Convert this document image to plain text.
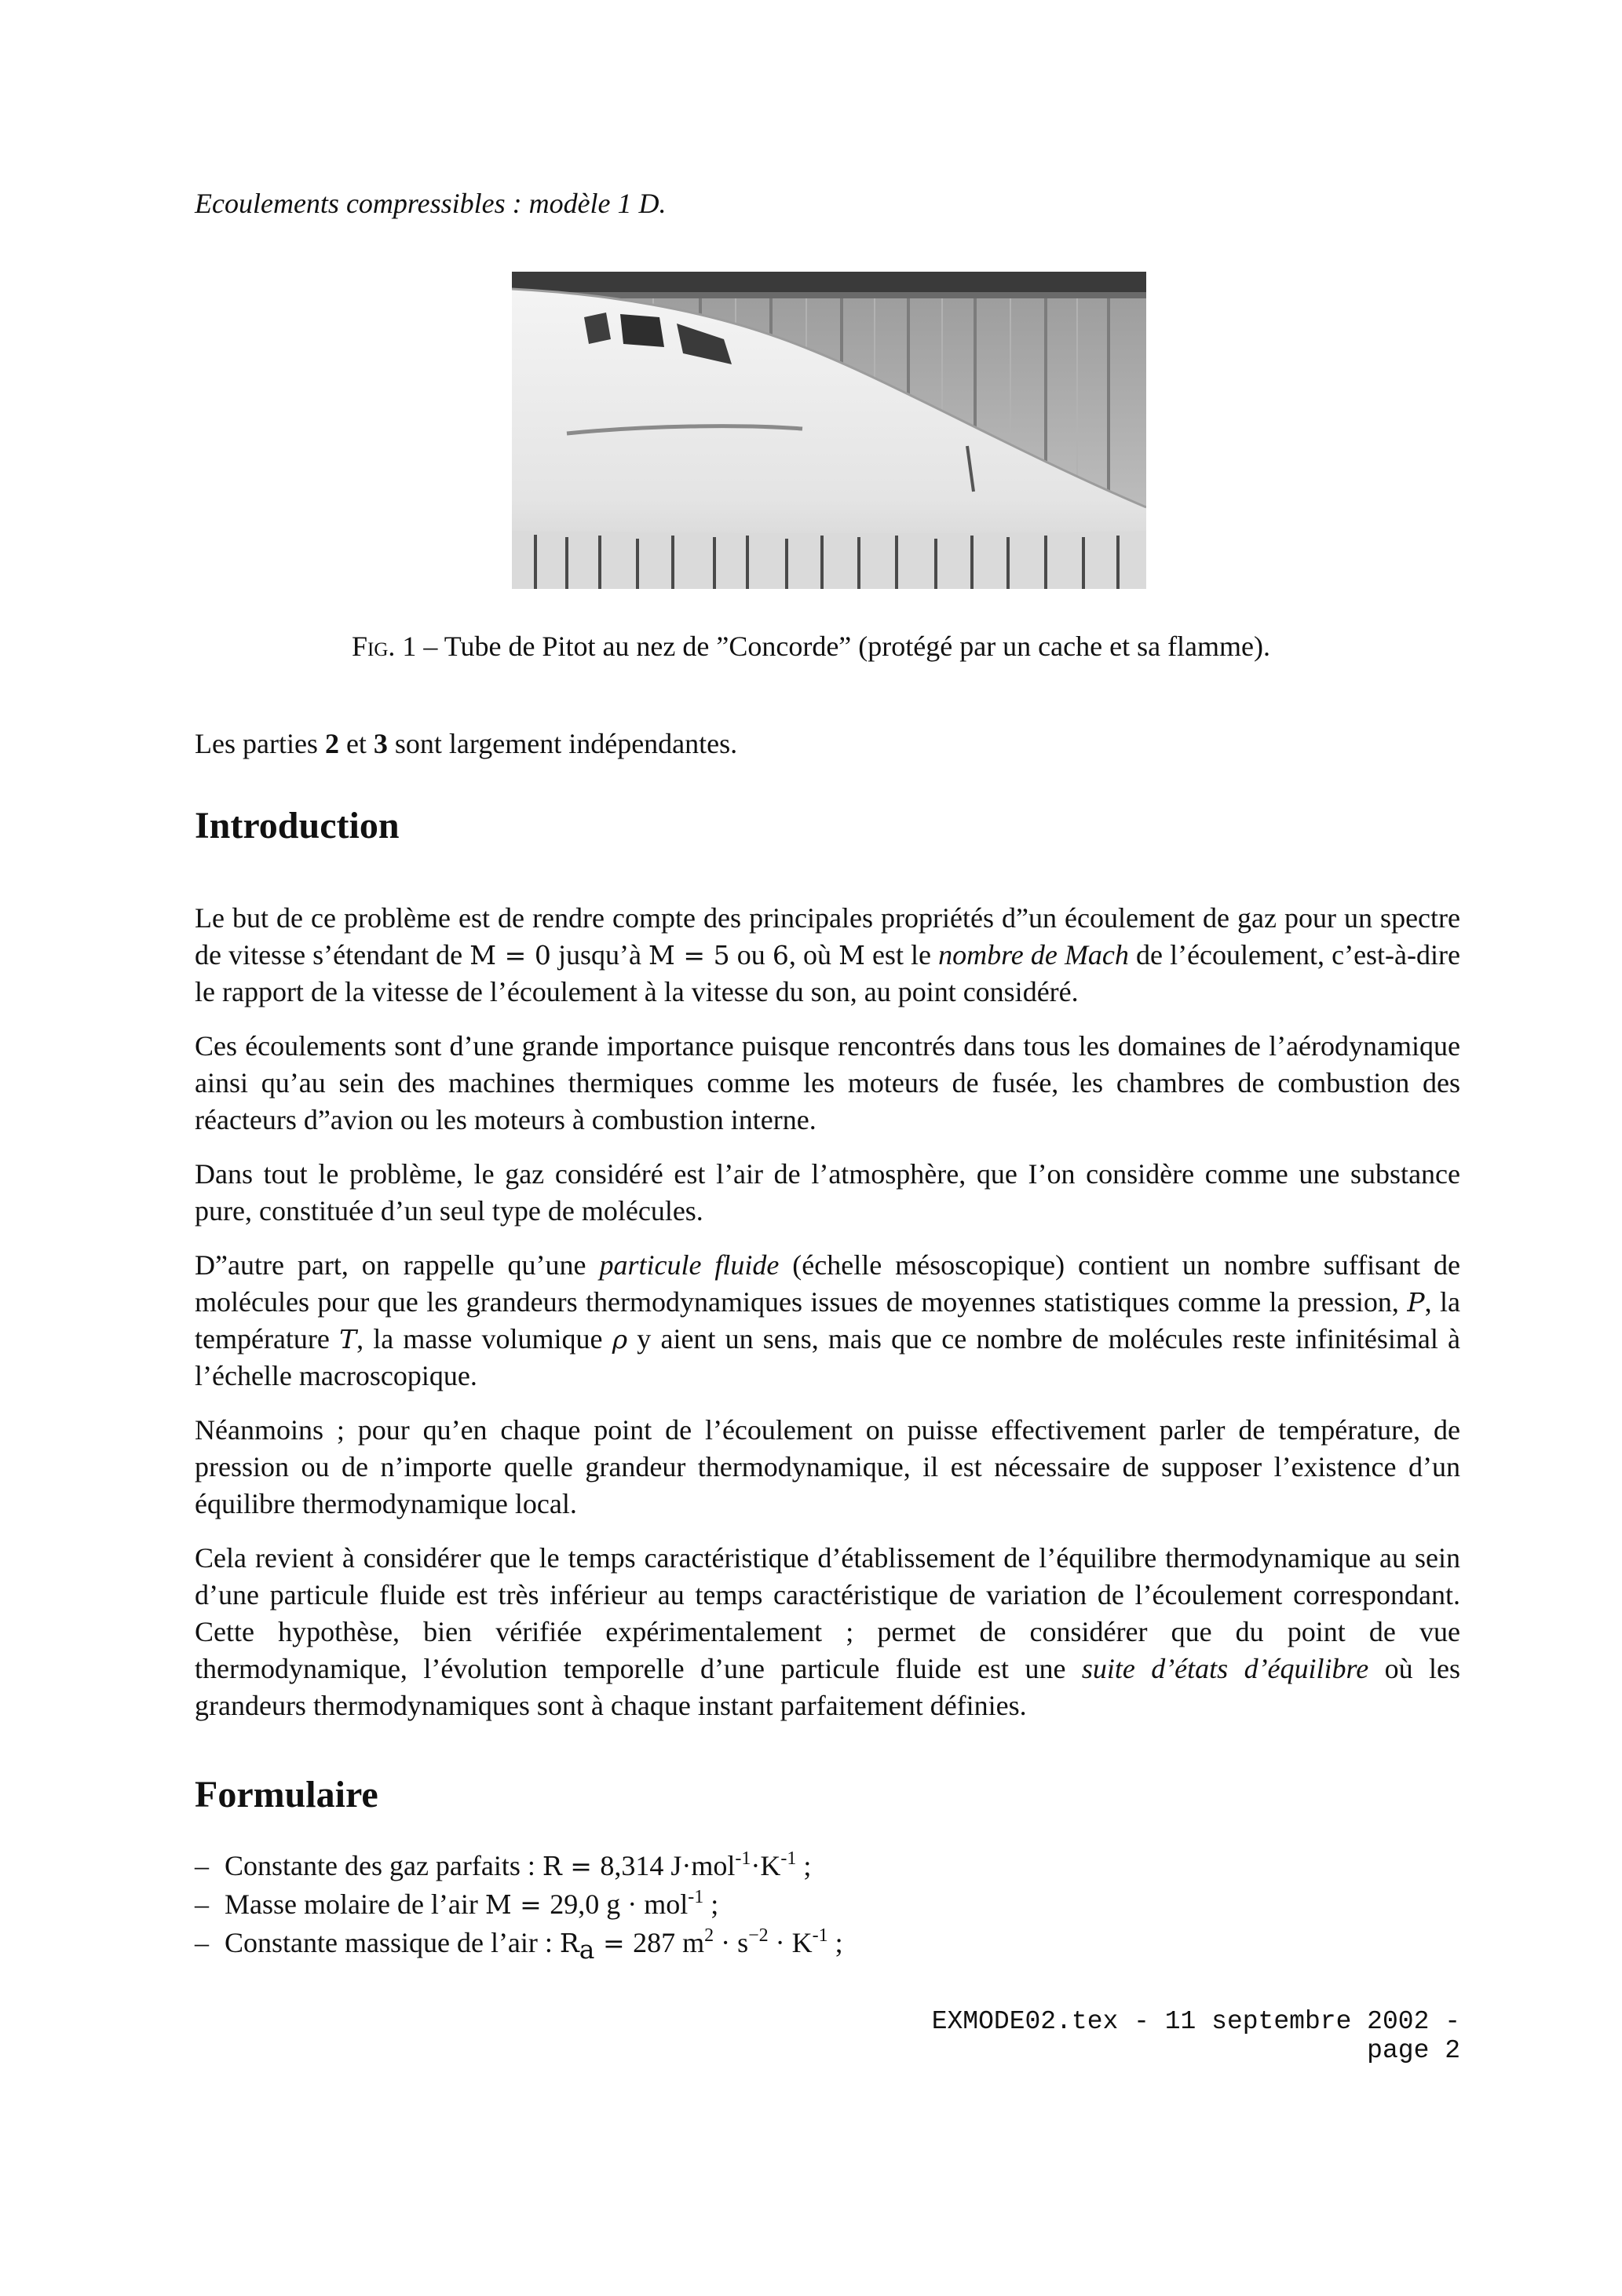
Ecoulements compressibles : modèle 1 D.
Fig. 1 – Tube de Pitot au nez de ”Concorde” (protégé par un cache et sa flamme).
Les parties 2 et 3 sont largement indépendantes.
Introduction

Le but de ce problème est de rendre compte des principales propriétés d”un écoulement de gaz pour un spectre de vitesse s’étendant de M = 0 jusqu’à M = 5 ou 6, où M est le nombre de Mach de l’écoulement, c’est-à-dire le rapport de la vitesse de l’écoulement à la vitesse du son, au point considéré.

Ces écoulements sont d’une grande importance puisque rencontrés dans tous les domaines de l’aérodynamique ainsi qu’au sein des machines thermiques comme les moteurs de fusée, les chambres de combustion des réacteurs d”avion ou les moteurs à combustion interne.

Dans tout le problème, le gaz considéré est l’air de l’atmosphère, que I’on considère comme une substance pure, constituée d’un seul type de molécules.

D”autre part, on rappelle qu’une particule fluide (échelle mésoscopique) contient un nombre suffisant de molécules pour que les grandeurs thermodynamiques issues de moyennes statistiques comme la pression, P, la température T, la masse volumique ρ y aient un sens, mais que ce nombre de molécules reste infinitésimal à l’échelle macroscopique.

Néanmoins ; pour qu’en chaque point de l’écoulement on puisse effectivement parler de température, de pression ou de n’importe quelle grandeur thermodynamique, il est nécessaire de supposer l’existence d’un équilibre thermodynamique local.

Cela revient à considérer que le temps caractéristique d’établissement de l’équilibre thermodynamique au sein d’une particule fluide est très inférieur au temps caractéristique de variation de l’écoulement correspondant. Cette hypothèse, bien vérifiée expérimentalement ; permet de considérer que du point de vue thermodynamique, l’évolution temporelle d’une particule fluide est une suite d’états d’équilibre où les grandeurs thermodynamiques sont à chaque instant parfaitement définies.

Formulaire
– Constante des gaz parfaits : R = 8,314 $J\cdot mol^{-1}\cdot K^{-1}$ ;
– Masse molaire de l’air M = 29,0 g · mol$^{-1}$ ;
– Constante massique de l’air : $R_a = 287$ $m^2 \cdot s^{-2} \cdot K^{-1}$ ;
EXMODE02.tex - 11 septembre 2002 - page 2
